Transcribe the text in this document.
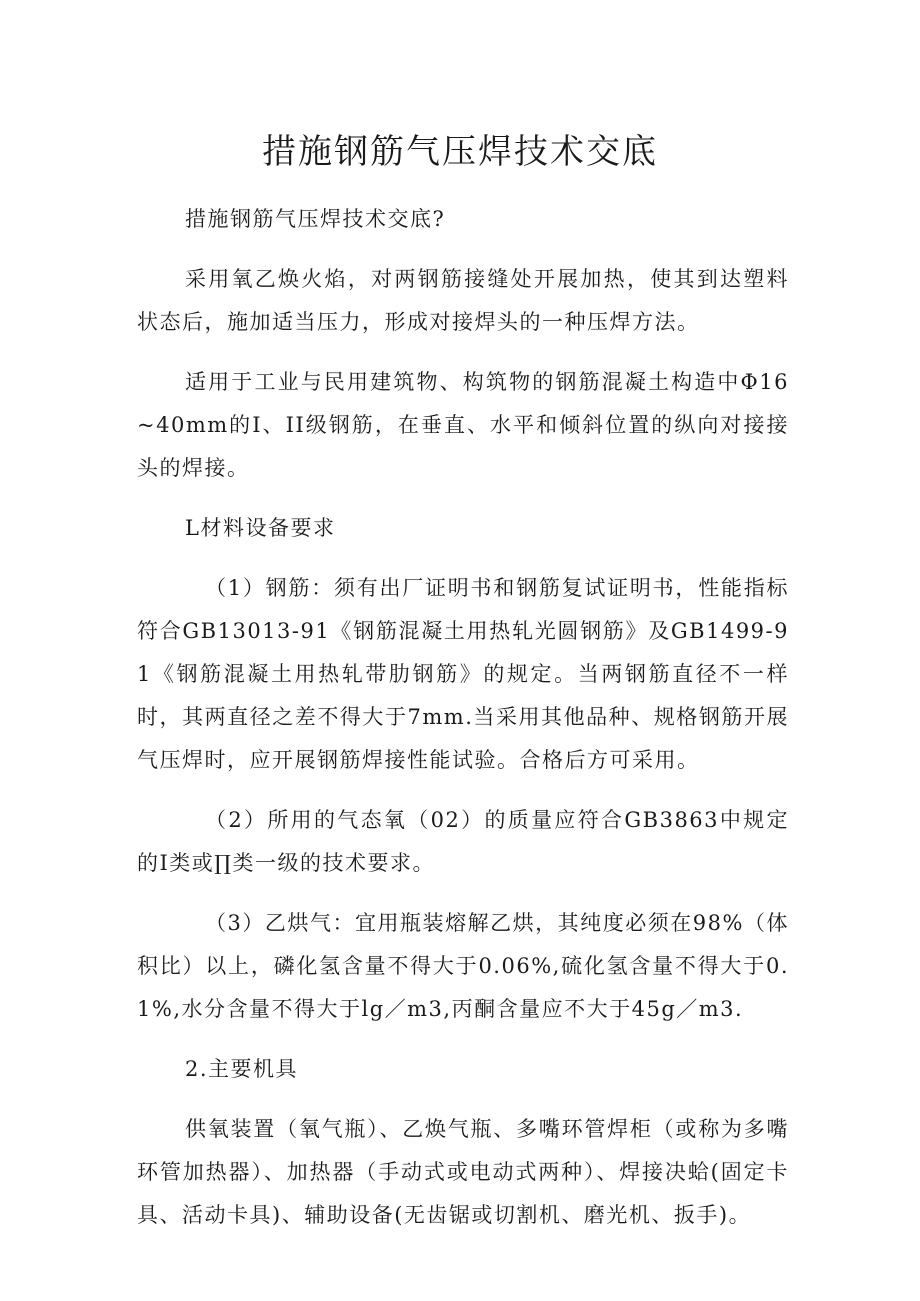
措施钢筋气压焊技术交底

措施钢筋气压焊技术交底?

采用氧乙焕火焰，对两钢筋接缝处开展加热，使其到达塑料状态后，施加适当压力，形成对接焊头的一种压焊方法。

适用于工业与民用建筑物、构筑物的钢筋混凝土构造中Φ16~40mm的I、II级钢筋，在垂直、水平和倾斜位置的纵向对接接头的焊接。

L材料设备要求

（1）钢筋：须有出厂证明书和钢筋复试证明书，性能指标符合GB13013-91《钢筋混凝土用热轧光圆钢筋》及GB1499-91《钢筋混凝土用热轧带肋钢筋》的规定。当两钢筋直径不一样时，其两直径之差不得大于7mm.当采用其他品种、规格钢筋开展气压焊时，应开展钢筋焊接性能试验。合格后方可采用。

（2）所用的气态氧（02）的质量应符合GB3863中规定的I类或∏类一级的技术要求。

（3）乙烘气：宜用瓶装熔解乙烘，其纯度必须在98%（体积比）以上，磷化氢含量不得大于0.06%,硫化氢含量不得大于0.1%,水分含量不得大于lg／m3,丙酮含量应不大于45g／m3.

2.主要机具

供氧装置（氧气瓶）、乙焕气瓶、多嘴环管焊柜（或称为多嘴环管加热器）、加热器（手动式或电动式两种）、焊接决蛤(固定卡具、活动卡具)、辅助设备(无齿锯或切割机、磨光机、扳手)。
